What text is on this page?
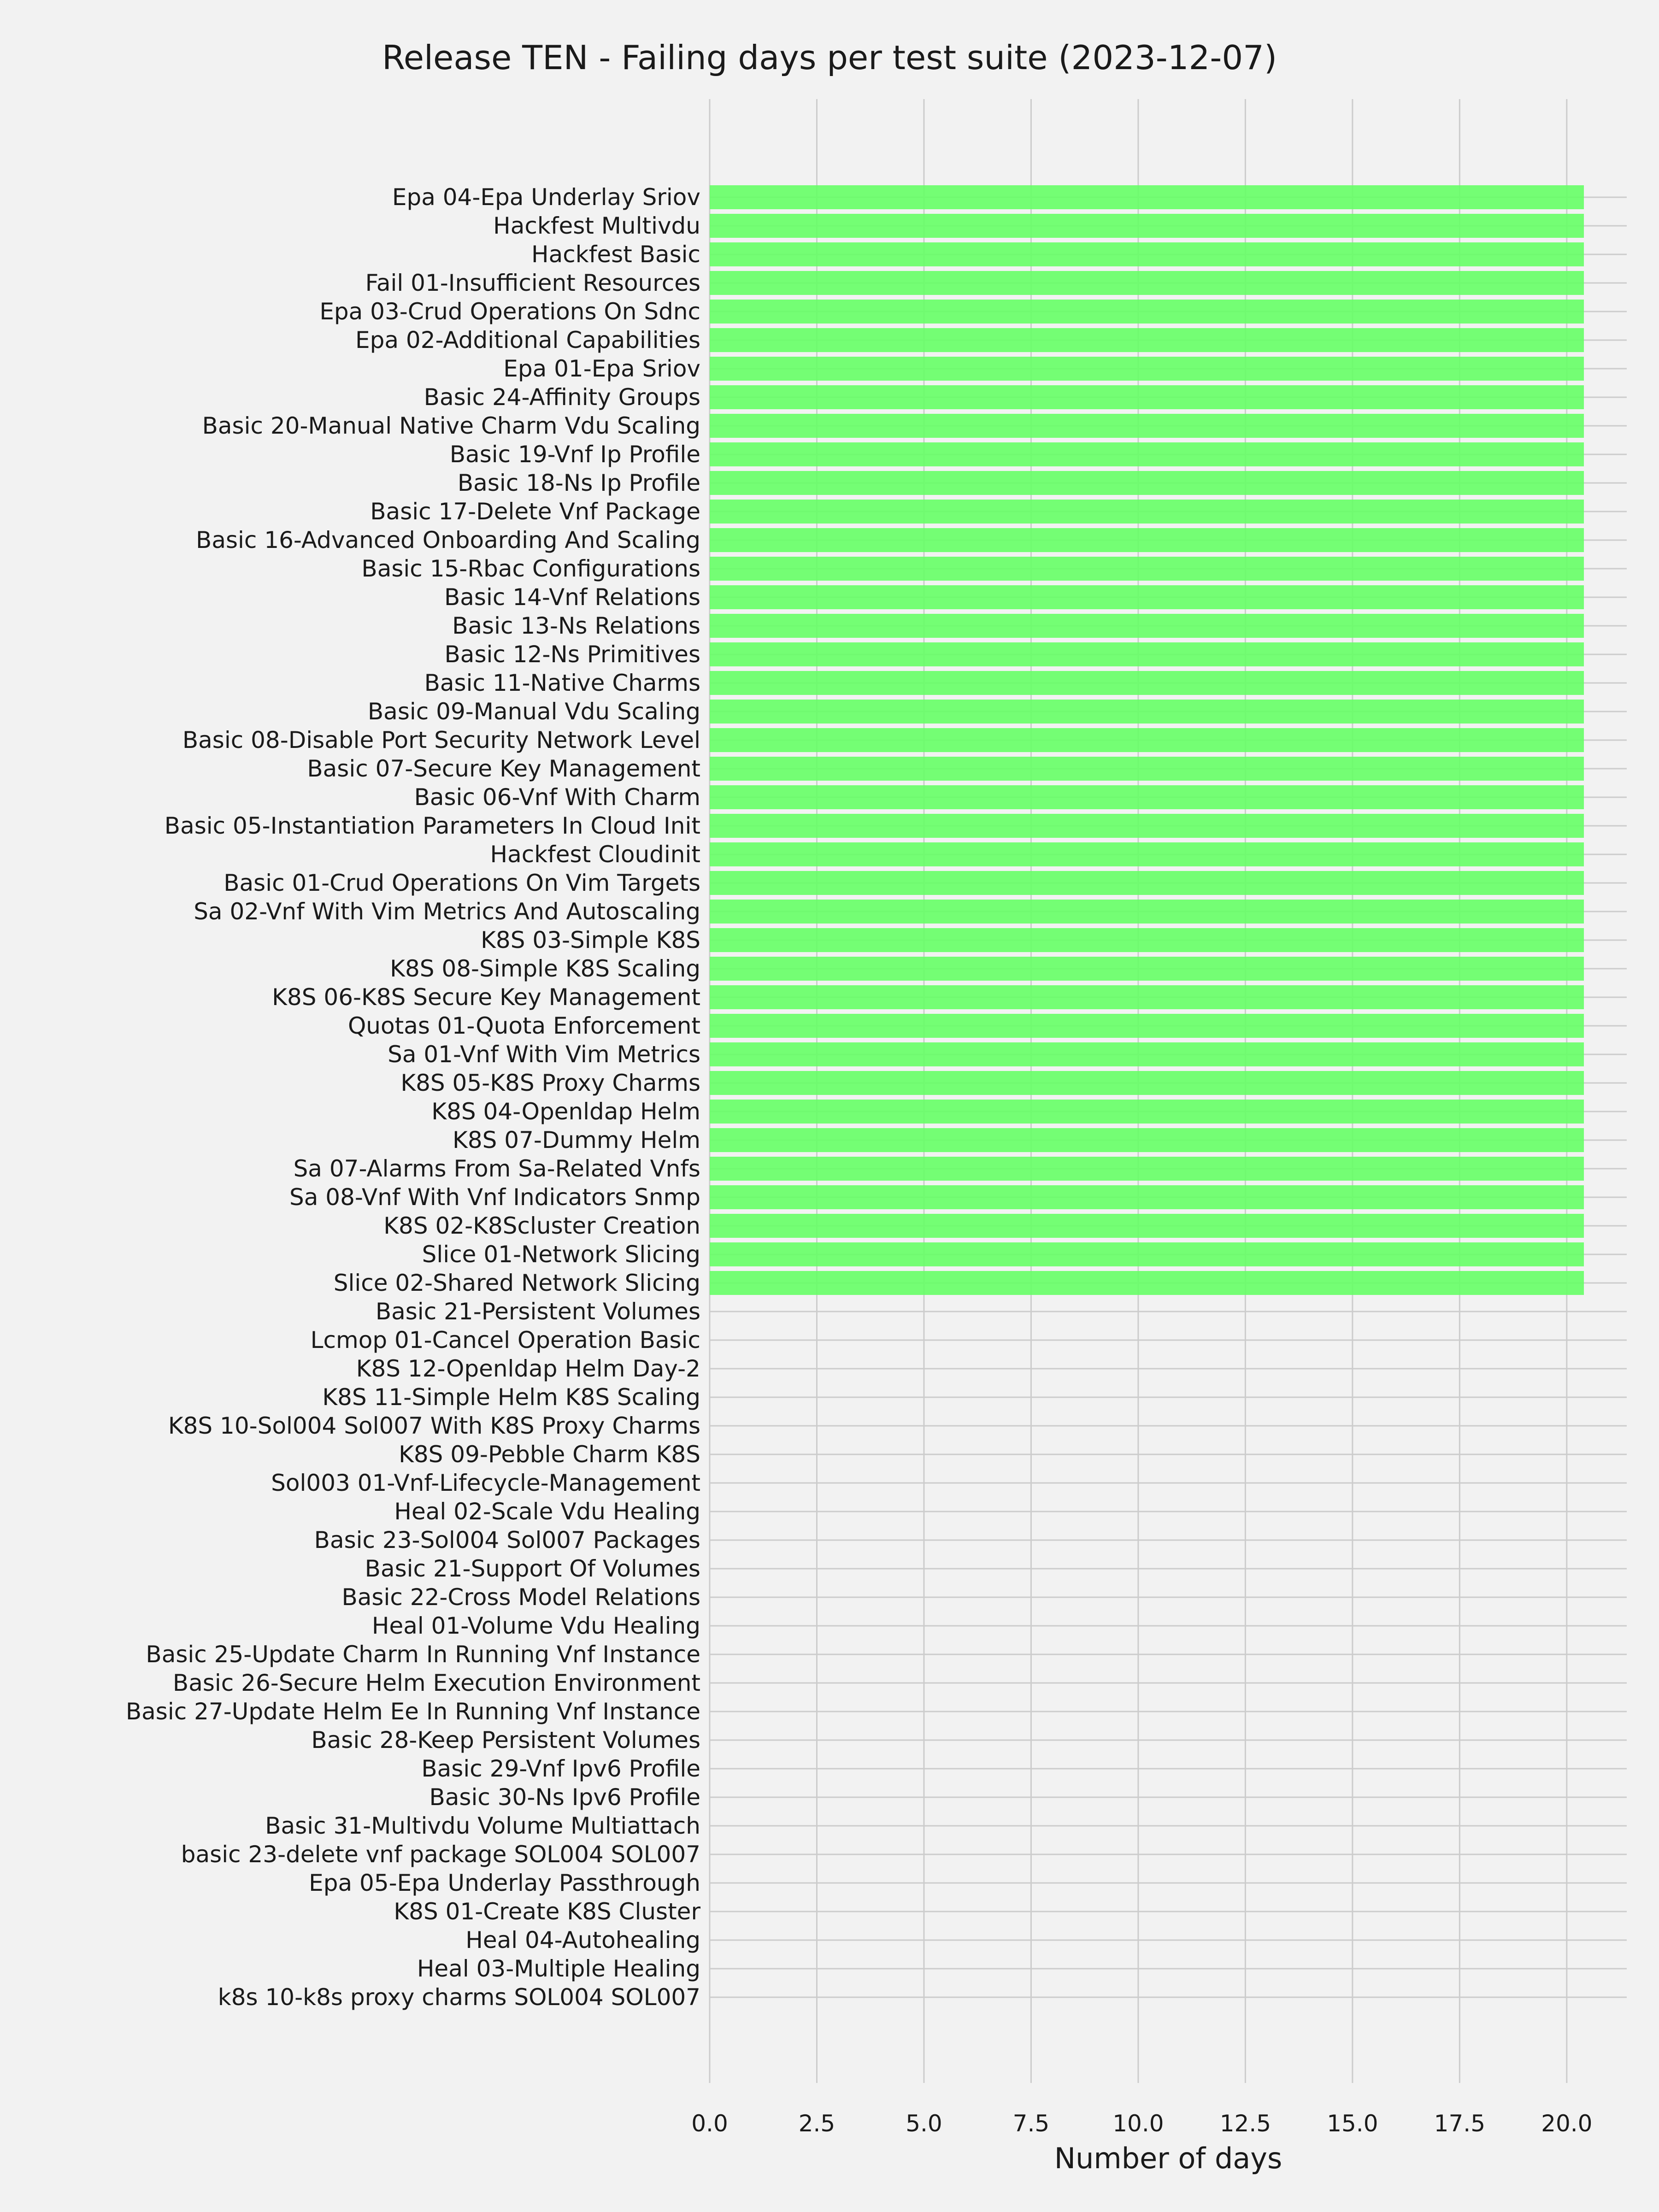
Epa 04-Epa Underlay Sriov
Hackfest Multivdu
Hackfest Basic
Fail 01-Insufficient Resources
Epa 03-Crud Operations On Sdnc
Epa 02-Additional Capabilities
Epa 01-Epa Sriov
Basic 24-Affinity Groups
Basic 20-Manual Native Charm Vdu Scaling
Basic 19-Vnf Ip Profile
Basic 18-Ns Ip Profile
Basic 17-Delete Vnf Package
Basic 16-Advanced Onboarding And Scaling
Basic 15-Rbac Configurations
Basic 14-Vnf Relations
Basic 13-Ns Relations
Basic 12-Ns Primitives
Basic 11-Native Charms
Basic 09-Manual Vdu Scaling
Basic 08-Disable Port Security Network Level
Basic 07-Secure Key Management
Basic 06-Vnf With Charm
Basic 05-Instantiation Parameters In Cloud Init
Hackfest Cloudinit
Basic 01-Crud Operations On Vim Targets
Sa 02-Vnf With Vim Metrics And Autoscaling
K8S 03-Simple K8S
K8S 08-Simple K8S Scaling
K8S 06-K8S Secure Key Management
Quotas 01-Quota Enforcement
Sa 01-Vnf With Vim Metrics
K8S 05-K8S Proxy Charms
K8S 04-Openldap Helm
K8S 07-Dummy Helm
Sa 07-Alarms From Sa-Related Vnfs
Sa 08-Vnf With Vnf Indicators Snmp
K8S 02-K8Scluster Creation
Slice 01-Network Slicing
Slice 02-Shared Network Slicing
Basic 21-Persistent Volumes
Lcmop 01-Cancel Operation Basic
K8S 12-Openldap Helm Day-2
K8S 11-Simple Helm K8S Scaling
K8S 10-Sol004 Sol007 With K8S Proxy Charms
K8S 09-Pebble Charm K8S
Sol003 01-Vnf-Lifecycle-Management
Heal 02-Scale Vdu Healing
Basic 23-Sol004 Sol007 Packages
Basic 21-Support Of Volumes
Basic 22-Cross Model Relations
Heal 01-Volume Vdu Healing
Basic 25-Update Charm In Running Vnf Instance
Basic 26-Secure Helm Execution Environment
Basic 27-Update Helm Ee In Running Vnf Instance
Basic 28-Keep Persistent Volumes
Basic 29-Vnf Ipv6 Profile
Basic 30-Ns Ipv6 Profile
Basic 31-Multivdu Volume Multiattach
basic 23-delete vnf package SOL004 SOL007
Epa 05-Epa Underlay Passthrough
K8S 01-Create K8S Cluster
Heal 04-Autohealing
Heal 03-Multiple Healing
k8s 10-k8s proxy charms SOL004 SOL007
0.0	2.5	5.0	7.5	10.0 12.5 15.0 17.5 20.0
Release TEN - Failing days per test suite (2023-12-07)
Number of days
